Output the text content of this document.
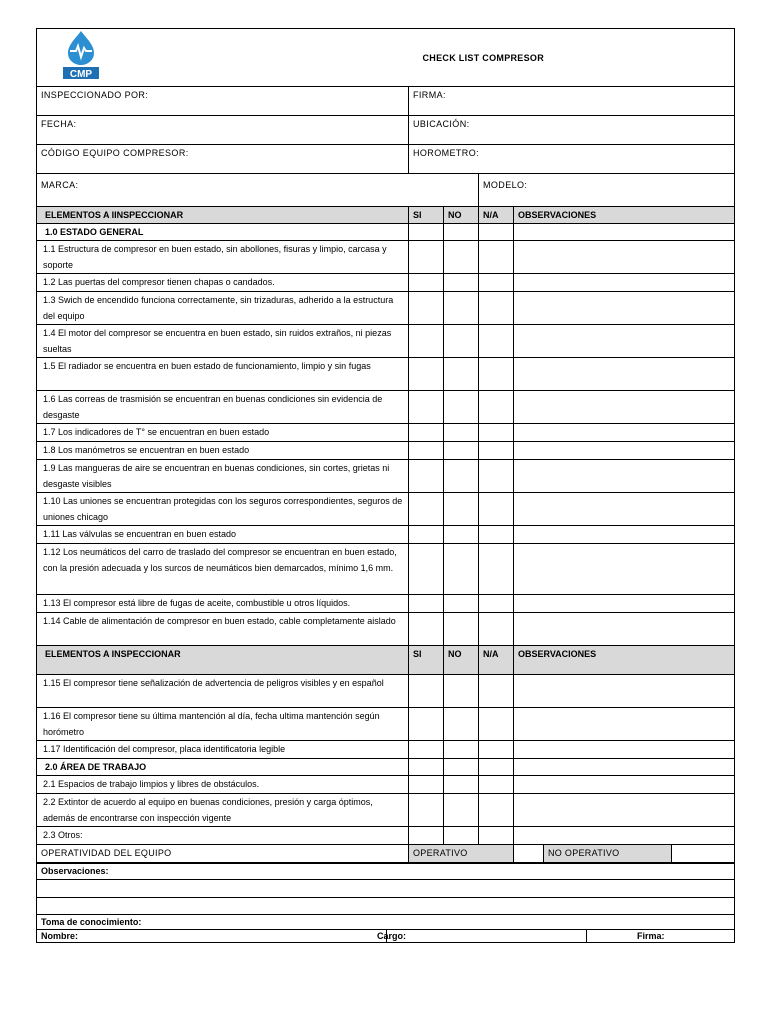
CMP	CHECK LIST COMPRESOR					
INSPECCIONADO POR:	FIRMA:					
FECHA:	UBICACIÓN:					
CÓDIGO EQUIPO COMPRESOR:	HOROMETRO:					
MARCA:			MODELO:			
ELEMENTOS A IINSPECCIONAR	SI	NO	N/A	OBSERVACIONES		
1.0 ESTADO GENERAL						
1.1 Estructura de compresor en buen estado, sin abollones, fisuras y limpio, carcasa y soporte						
1.2 Las puertas del compresor tienen chapas o candados.						
1.3 Swich de encendido funciona correctamente, sin trizaduras, adherido a la estructura del equipo						
1.4 El motor del compresor se encuentra en buen estado, sin ruidos extraños, ni piezas sueltas						
1.5 El radiador se encuentra en buen estado de funcionamiento, limpio y sin fugas						
1.6 Las correas de trasmisión se encuentran en buenas condiciones sin evidencia de desgaste						
1.7 Los indicadores de T° se encuentran en buen estado						
1.8 Los manómetros se encuentran en buen estado						
1.9 Las mangueras de aire se encuentran en buenas condiciones, sin cortes, grietas ni desgaste visibles						
1.10 Las uniones se encuentran protegidas con los seguros correspondientes, seguros de uniones chicago						
1.11 Las válvulas se encuentran en buen estado						
1.12 Los neumáticos del carro de traslado del compresor se encuentran en buen estado, con la presión adecuada y los surcos de neumáticos bien demarcados, mínimo 1,6 mm.						
1.13 El compresor está libre de fugas de aceite, combustible u otros líquidos.						
1.14 Cable de alimentación de compresor en buen estado, cable completamente aislado						
ELEMENTOS A INSPECCIONAR	SI	NO	N/A	OBSERVACIONES		
1.15 El compresor tiene señalización de advertencia de peligros visibles y en español						
1.16 El compresor tiene su última mantención al día, fecha ultima mantención según horómetro						
1.17 Identificación del compresor, placa identificatoria legible						
2.0 ÁREA DE TRABAJO						
2.1 Espacios de trabajo limpios y libres de obstáculos.						
2.2 Extintor de acuerdo al equipo en buenas condiciones, presión y carga óptimos, además de encontrarse con inspección vigente						
2.3 Otros:						
OPERATIVIDAD DEL EQUIPO	OPERATIVO				NO OPERATIVO	
Observaciones:

Toma de conocimiento:
Nombre:	Cargo:	Firma:
